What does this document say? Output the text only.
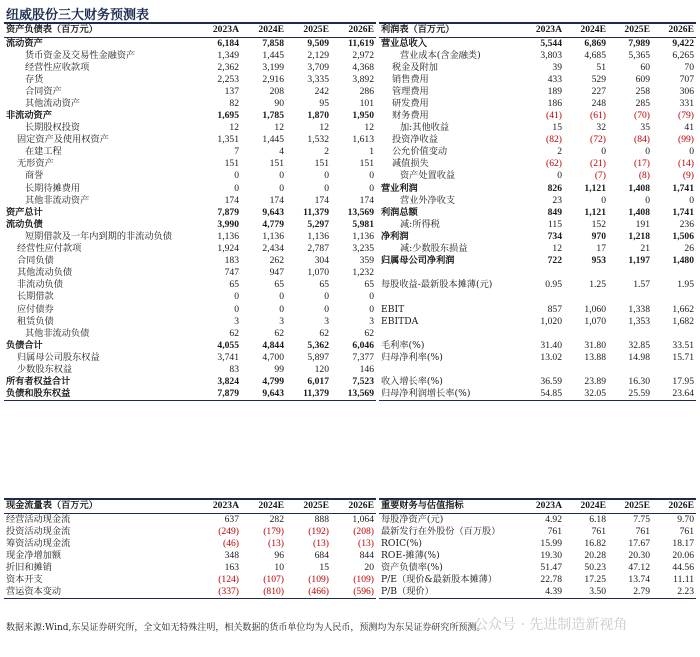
纽威股份三大财务预测表
资产负债表（百万元）	2023A	2024E	2025E	2026E
流动资产	6,184	7,858	9,509	11,619
货币资金及交易性金融资产	1,349	1,445	2,129	2,972
经营性应收款项	2,362	3,199	3,709	4,368
存货	2,253	2,916	3,335	3,892
合同资产	137	208	242	286
其他流动资产	82	90	95	101
非流动资产	1,695	1,785	1,870	1,950
长期股权投资	12	12	12	12
固定资产及使用权资产	1,351	1,445	1,532	1,613
在建工程	7	4	2	1
无形资产	151	151	151	151
商誉	0	0	0	0
长期待摊费用	0	0	0	0
其他非流动资产	174	174	174	174
资产总计	7,879	9,643	11,379	13,569
流动负债	3,990	4,779	5,297	5,981
短期借款及一年内到期的非流动负债	1,136	1,136	1,136	1,136
经营性应付款项	1,924	2,434	2,787	3,235
合同负债	183	262	304	359
其他流动负债	747	947	1,070	1,232
非流动负债	65	65	65	65
长期借款	0	0	0	0
应付债券	0	0	0	0
租赁负债	3	3	3	3
其他非流动负债	62	62	62	62
负债合计	4,055	4,844	5,362	6,046
归属母公司股东权益	3,741	4,700	5,897	7,377
少数股东权益	83	99	120	146
所有者权益合计	3,824	4,799	6,017	7,523
负债和股东权益	7,879	9,643	11,379	13,569
利润表（百万元）	2023A	2024E	2025E	2026E
营业总收入	5,544	6,869	7,989	9,422
营业成本(含金融类)	3,803	4,685	5,365	6,265
税金及附加	39	51	60	70
销售费用	433	529	609	707
管理费用	189	227	258	306
研发费用	186	248	285	331
财务费用	(41)	(61)	(70)	(79)
加:其他收益	15	32	35	41
投资净收益	(82)	(72)	(84)	(99)
公允价值变动	2	0	0	0
减值损失	(62)	(21)	(17)	(14)
资产处置收益	0	(7)	(8)	(9)
营业利润	826	1,121	1,408	1,741
营业外净收支	23	0	0	0
利润总额	849	1,121	1,408	1,741
减:所得税	115	152	191	236
净利润	734	970	1,218	1,506
减:少数股东损益	12	17	21	26
归属母公司净利润	722	953	1,197	1,480

每股收益-最新股本摊薄(元)	0.95	1.25	1.57	1.95

EBIT	857	1,060	1,338	1,662
EBITDA	1,020	1,070	1,353	1,682

毛利率(%)	31.40	31.80	32.85	33.51
归母净利率(%)	13.02	13.88	14.98	15.71

收入增长率(%)	36.59	23.89	16.30	17.95
归母净利润增长率(%)	54.85	32.05	25.59	23.64
现金流量表（百万元）	2023A	2024E	2025E	2026E
经营活动现金流	637	282	888	1,064
投资活动现金流	(249)	(179)	(192)	(208)
筹资活动现金流	(46)	(13)	(13)	(13)
现金净增加额	348	96	684	844
折旧和摊销	163	10	15	20
资本开支	(124)	(107)	(109)	(109)
营运资本变动	(337)	(810)	(466)	(596)
重要财务与估值指标	2023A	2024E	2025E	2026E
每股净资产(元)	4.92	6.18	7.75	9.70
最新发行在外股份（百万股）	761	761	761	761
ROIC(%)	15.99	16.82	17.67	18.17
ROE-摊薄(%)	19.30	20.28	20.30	20.06
资产负债率(%)	51.47	50.23	47.12	44.56
P/E（现价&最新股本摊薄）	22.78	17.25	13.74	11.11
P/B（现价）	4.39	3.50	2.79	2.23
数据来源:Wind,东吴证券研究所，全文如无特殊注明，相关数据的货币单位均为人民币，预测均为东吴证券研究所预测。
公众号 · 先进制造新视角
